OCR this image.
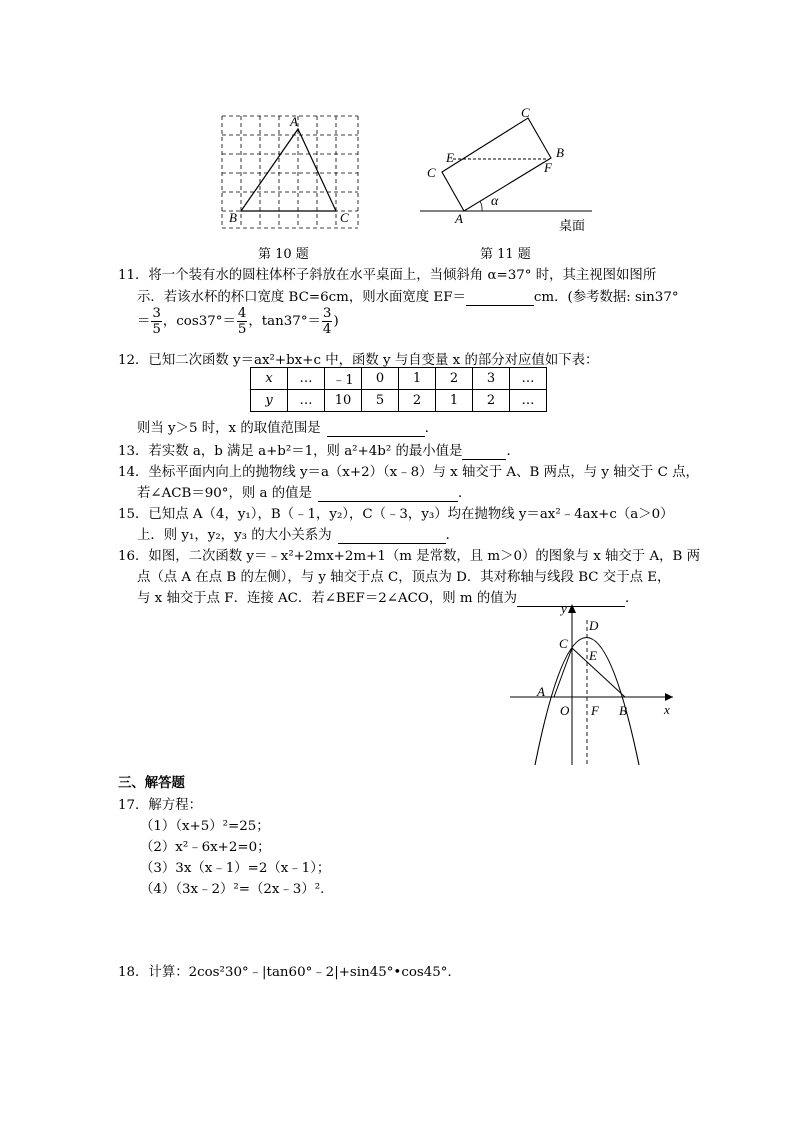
A
B	C
第 10 题
C
E	B
F
C
A
α
桌面
第 11 题
11．将一个装有水的圆柱体杯子斜放在水平桌面上，当倾斜角 α=37° 时，其主视图如图所
示．若该水杯的杯口宽度 BC=6cm，则水面宽度 EF＝	cm．(参考数据: sin37°
＝ $\frac{3}{5}$ ，$\cos 37^\circ= \frac{4}{5}$ ，$\tan 37^\circ= \frac{3}{4}$ )
12．已知二次函数 y＝ax²+bx+c 中，函数 y 与自变量 x 的部分对应值如下表：
x	…	﹣1	0	1	2	3	…
y	…	10	5	2	1	2	…
则当 y＞5 时，x 的取值范围是	．
13．若实数 a，b 满足 a+b²＝1，则 a²+4b² 的最小值是	．
14．坐标平面内向上的抛物线 y＝a（x+2）（x﹣8）与 x 轴交于 A、B 两点，与 y 轴交于 C 点，
若∠ACB＝90°，则 a 的值是	．
15．已知点 A（4，y₁），B（﹣1，y₂），C（﹣3，y₃）均在抛物线 y＝ax²﹣4ax+c（a＞0）
上．则 y₁，y₂，y₃ 的大小关系为	．
16．如图，二次函数 y＝﹣x²+2mx+2m+1（m 是常数，且 m＞0）的图象与 x 轴交于 A，B 两
点（点 A 在点 B 的左侧），与 y 轴交于点 C，顶点为 D．其对称轴与线段 BC 交于点 E，
与 x 轴交于点 F．连接 AC．若∠BEF＝2∠ACO，则 m 的值为	．
y
D
C
E
A
O F B	x
三、解答题
17．解方程：
（1）（x+5）²=25；
（2）x²﹣6x+2=0；
（3）3x（x﹣1）=2（x﹣1）；
（4）（3x﹣2）²=（2x﹣3）².
18．计算：2cos²30°﹣|tan60°﹣2|+sin45°•cos45°．
